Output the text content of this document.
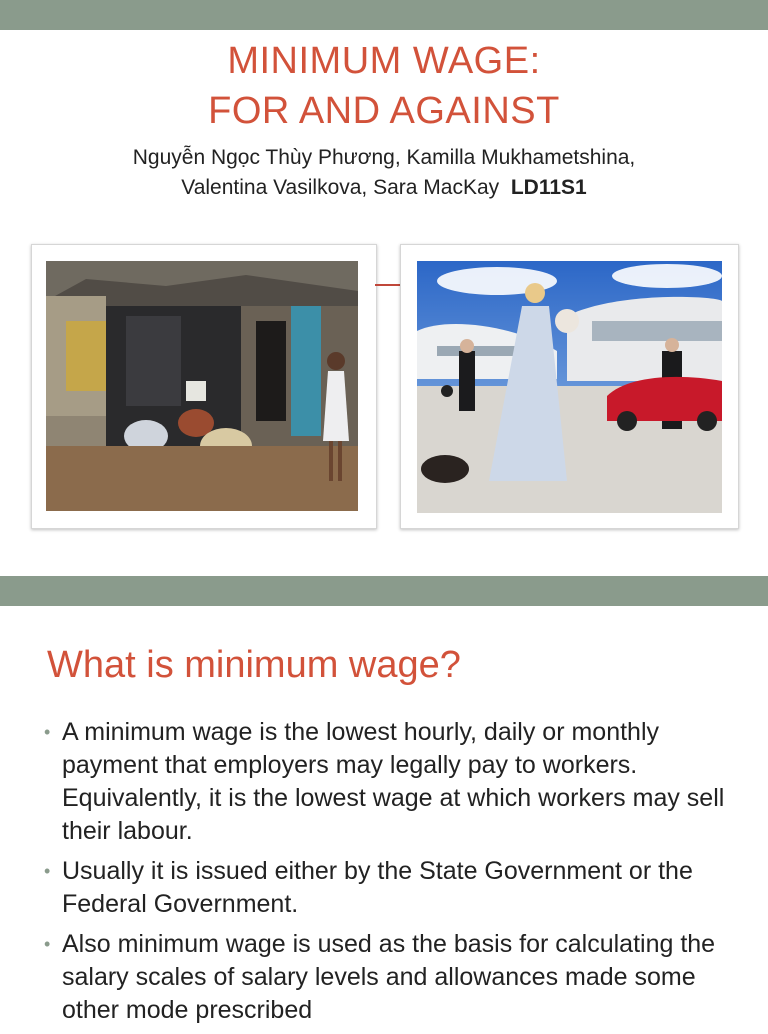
MINIMUM WAGE:
FOR AND AGAINST
Nguyễn Ngọc Thùy Phương, Kamilla Mukhametshina,
Valentina Vasilkova, Sara MacKay LD11S1
What is minimum wage?
• A minimum wage is the lowest hourly, daily or monthly payment that employers may legally pay to workers. Equivalently, it is the lowest wage at which workers may sell their labour.
• Usually it is issued either by the State Government or the Federal Government.
• Also minimum wage is used as the basis for calculating the salary scales of salary levels and allowances made some other mode prescribed
